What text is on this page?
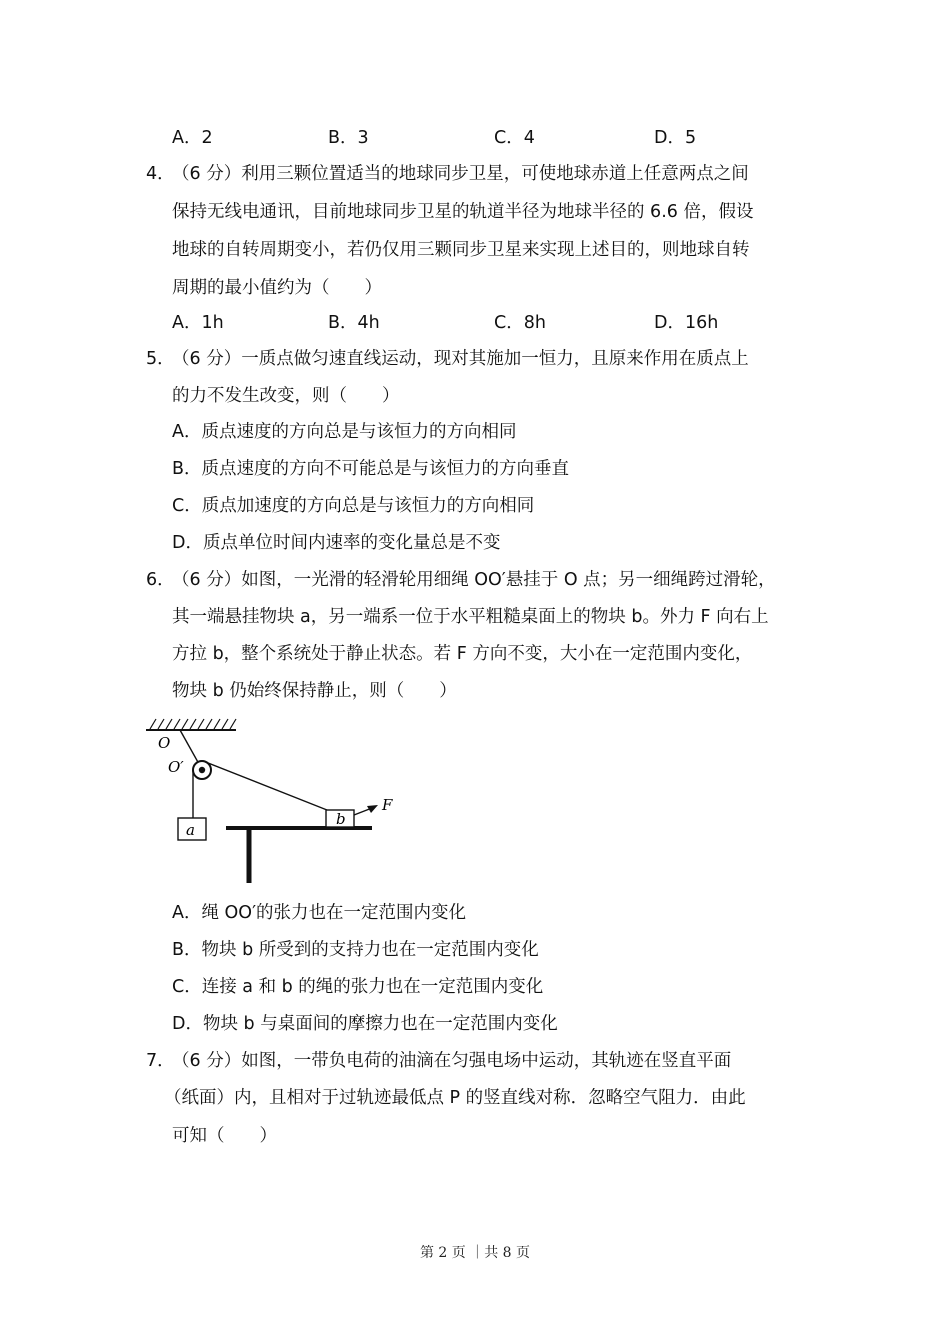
A．2	B．3	C．4	D．5
4．
（6 分）利用三颗位置适当的地球同步卫星，可使地球赤道上任意两点之间
保持无线电通讯，目前地球同步卫星的轨道半径为地球半径的 6.6 倍，假设
地球的自转周期变小，若仍仅用三颗同步卫星来实现上述目的，则地球自转
周期的最小值约为（　　）
A．1h	B．4h	C．8h	D．16h
5．
（6 分）一质点做匀速直线运动，现对其施加一恒力，且原来作用在质点上
的力不发生改变，则（　　）
A．质点速度的方向总是与该恒力的方向相同
B．质点速度的方向不可能总是与该恒力的方向垂直
C．质点加速度的方向总是与该恒力的方向相同
D．质点单位时间内速率的变化量总是不变
6．
（6 分）如图，一光滑的轻滑轮用细绳 OO′悬挂于 O 点；另一细绳跨过滑轮，
其一端悬挂物块 a，另一端系一位于水平粗糙桌面上的物块 b。外力 F 向右上
方拉 b，整个系统处于静止状态。若 F 方向不变，大小在一定范围内变化，
物块 b 仍始终保持静止，则（　　）
O
O′
a
b
F
A．绳 OO′的张力也在一定范围内变化
B．物块 b 所受到的支持力也在一定范围内变化
C．连接 a 和 b 的绳的张力也在一定范围内变化
D．物块 b 与桌面间的摩擦力也在一定范围内变化
7．
（6 分）如图，一带负电荷的油滴在匀强电场中运动，其轨迹在竖直平面
（纸面）内，且相对于过轨迹最低点 P 的竖直线对称．忽略空气阻力．由此
可知（　　）
第 2 页 ｜共 8 页
